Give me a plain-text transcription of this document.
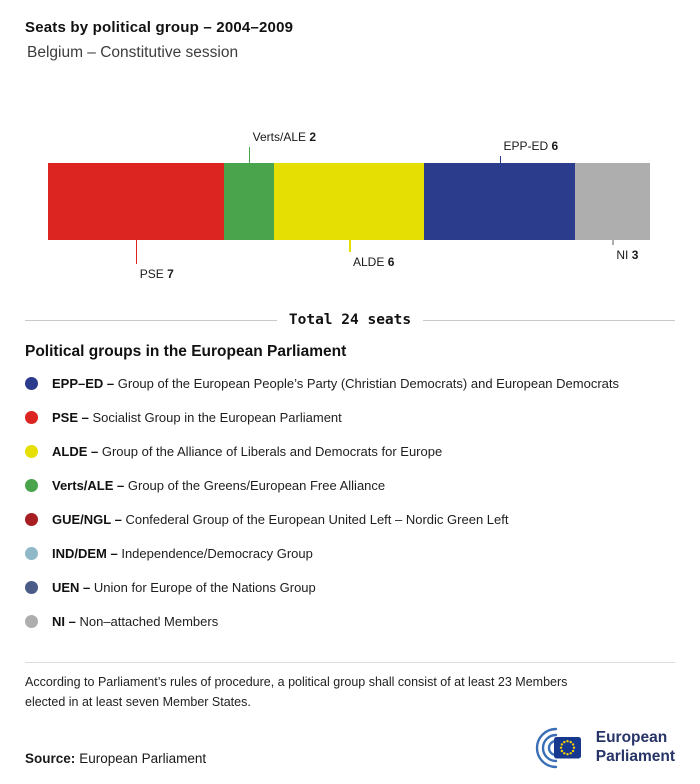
Seats by political group – 2004–2009
Belgium – Constitutive session
PSE 7
Verts/ALE 2
ALDE 6
EPP-ED 6
NI 3
Total 24 seats
Political groups in the European Parliament
EPP–ED – Group of the European People’s Party (Christian Democrats) and European Democrats
PSE – Socialist Group in the European Parliament
ALDE – Group of the Alliance of Liberals and Democrats for Europe
Verts/ALE – Group of the Greens/European Free Alliance
GUE/NGL – Confederal Group of the European United Left – Nordic Green Left
IND/DEM – Independence/Democracy Group
UEN – Union for Europe of the Nations Group
NI – Non–attached Members
According to Parliament’s rules of procedure, a political group shall consist of at least 23 Members elected in at least seven Member States.
Source: European Parliament
European
Parliament
